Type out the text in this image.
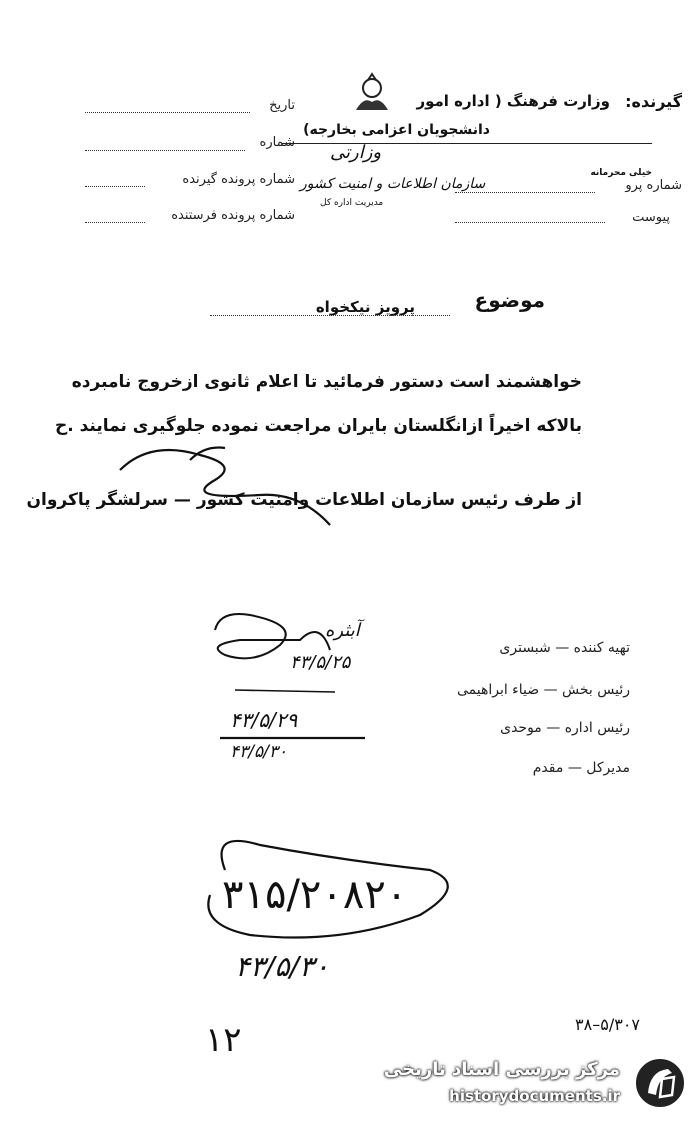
گیرنده:
وزارت فرهنگ ( اداره امور
دانشجویان اعزامی بخارجه)
شماره پرو
پیوست
تاریخ
شماره
شماره پرونده گیرنده
شماره پرونده فرستنده
خیلی محرمانه
وزارتی
سازمان اطلاعات و امنیت کشور
مدیریت اداره کل
موضوع
پرویز نیکخواه
خواهشمند است دستور فرمائید تا اعلام ثانوی ازخروج نامبرده
بالاکه اخیراً ازانگلستان بایران مراجعت نموده جلوگیری نمایند .ح
از طرف رئیس سازمان اطلاعات وامنیت کشور — سرلشگر پاکروان
تهیه کننده — شبستری
رئیس بخش — ضیاء ابراهیمی
رئیس اداره — موحدی
مدیرکل — مقدم
آبثره
۴۳/۵/۲۵
۴۳/۵/۲۹
۴۳/۵/۳۰
۳۱۵/۲۰۸۲۰
۴۳/۵/۳۰
۱۲	۵/۳۰۷–۳۸
مرکز بررسی اسناد تاریخی
historydocuments.ir
